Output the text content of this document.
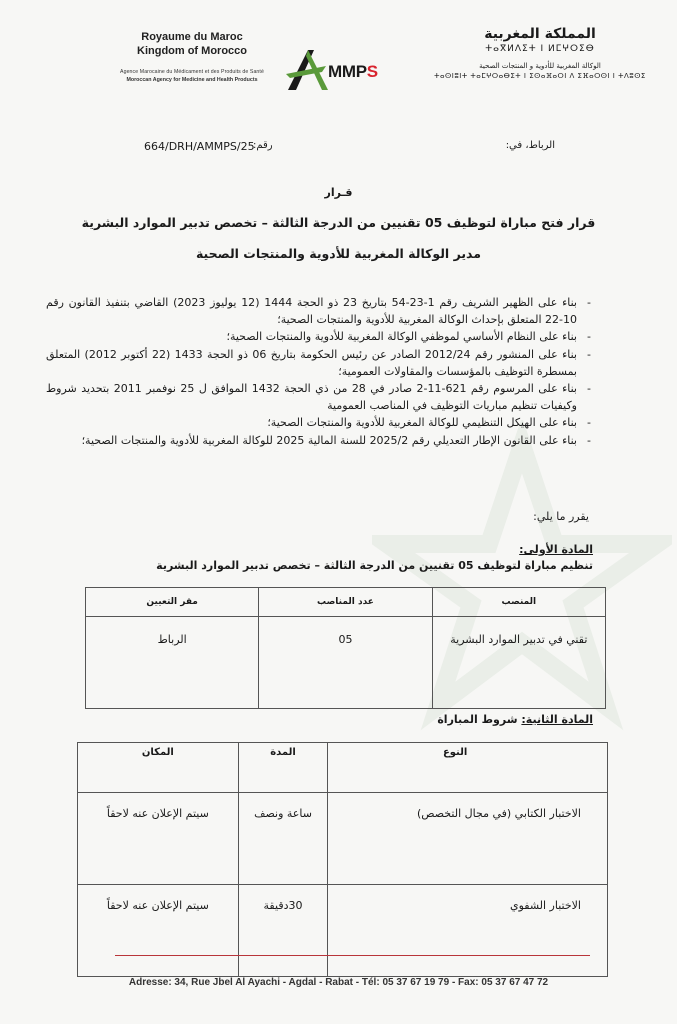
Royaume du Maroc
Kingdom of Morocco
Agence Marocaine du Médicament et des Produits de Santé
Moroccan Agency for Medicine and Health Products	MMPS
المملكة المغربية
ⵜⴰⴳⵍⴷⵉⵜ ⵏ ⵍⵎⵖⵔⵉⴱ
الوكالة المغربية للأدوية و المنتجات الصحية
ⵜⴰⵙⵏⵓⵏⵜ ⵜⴰⵎⵖⵔⴰⴱⵉⵜ ⵏ ⵉⵙⴰⴼⴰⵔⵏ ⴷ ⵉⴼⴰⵔⵙⵏ ⵏ ⵜⴷⵓⵙⵉ
664/DRH/AMMPS/25
رقم:	الرباط، في:
قـرار
قرار فتح مباراة لتوظيف 05 تقنيين من الدرجة الثالثة – تخصص تدبير الموارد البشرية
مدير الوكالة المغربية للأدوية والمنتجات الصحية
- بناء على الظهير الشريف رقم 1-23-54 بتاريخ 23 ذو الحجة 1444 (12 يوليوز 2023) القاضي بتنفيذ القانون رقم 10-22 المتعلق بإحداث الوكالة المغربية للأدوية والمنتجات الصحية؛
- بناء على النظام الأساسي لموظفي الوكالة المغربية للأدوية والمنتجات الصحية؛
- بناء على المنشور رقم 2012/24 الصادر عن رئيس الحكومة بتاريخ 06 ذو الحجة 1433 (22 أكتوبر 2012) المتعلق بمسطرة التوظيف بالمؤسسات والمقاولات العمومية؛
- بناء على المرسوم رقم 621-11-2 صادر في 28 من ذي الحجة 1432 الموافق ل 25 نوفمبر 2011 بتحديد شروط وكيفيات تنظيم مباريات التوظيف في المناصب العمومية
- بناء على الهيكل التنظيمي للوكالة المغربية للأدوية والمنتجات الصحية؛
- بناء على القانون الإطار التعديلي رقم 2025/2 للسنة المالية 2025 للوكالة المغربية للأدوية والمنتجات الصحية؛
يقرر ما يلي:
المادة الأولى:
تنظيم مباراة لتوظيف 05 تقنيين من الدرجة الثالثة – تخصص تدبير الموارد البشرية
المنصب	عدد المناصب	مقر التعيين
تقني في تدبير الموارد البشرية	05	الرباط
المادة الثانية: شروط المباراة
النوع	المدة	المكان
الاختبار الكتابي (في مجال التخصص)	ساعة ونصف	سيتم الإعلان عنه لاحقاً
الاختبار الشفوي	30دقيقة	سيتم الإعلان عنه لاحقاً
Adresse: 34, Rue Jbel Al Ayachi - Agdal - Rabat - Tél: 05 37 67 19 79 - Fax: 05 37 67 47 72
